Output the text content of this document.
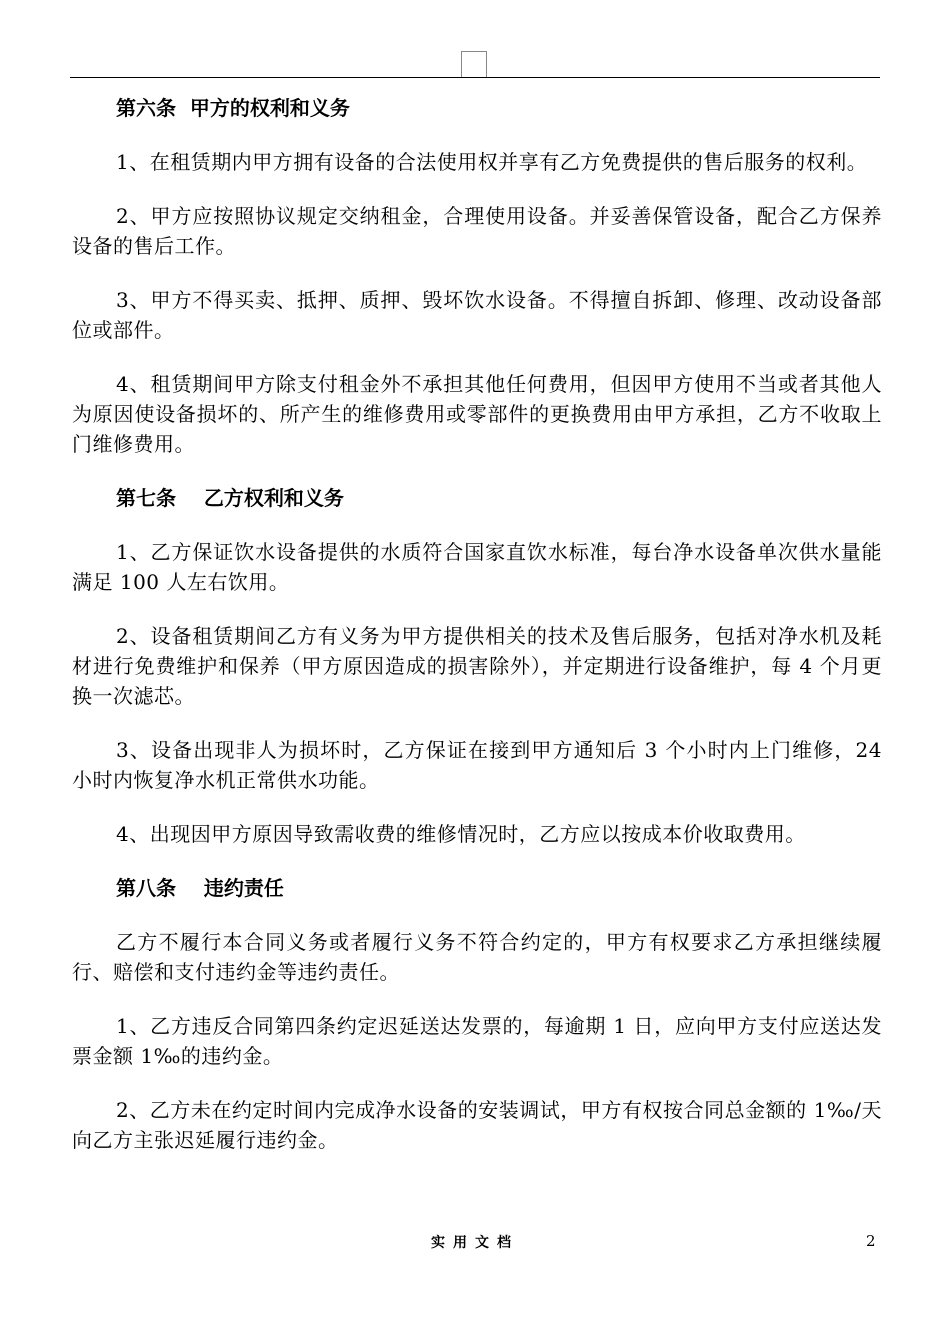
第六条  甲方的权利和义务

1、在租赁期内甲方拥有设备的合法使用权并享有乙方免费提供的售后服务的权利。

2、甲方应按照协议规定交纳租金，合理使用设备。并妥善保管设备，配合乙方保养设备的售后工作。

3、甲方不得买卖、抵押、质押、毁坏饮水设备。不得擅自拆卸、修理、改动设备部位或部件。

4、租赁期间甲方除支付租金外不承担其他任何费用，但因甲方使用不当或者其他人为原因使设备损坏的、所产生的维修费用或零部件的更换费用由甲方承担，乙方不收取上门维修费用。

第七条    乙方权利和义务

1、乙方保证饮水设备提供的水质符合国家直饮水标准，每台净水设备单次供水量能满足 100 人左右饮用。

2、设备租赁期间乙方有义务为甲方提供相关的技术及售后服务，包括对净水机及耗材进行免费维护和保养（甲方原因造成的损害除外），并定期进行设备维护，每 4 个月更换一次滤芯。

3、设备出现非人为损坏时，乙方保证在接到甲方通知后 3 个小时内上门维修，24 小时内恢复净水机正常供水功能。

4、出现因甲方原因导致需收费的维修情况时，乙方应以按成本价收取费用。

第八条    违约责任

乙方不履行本合同义务或者履行义务不符合约定的，甲方有权要求乙方承担继续履行、赔偿和支付违约金等违约责任。

1、乙方违反合同第四条约定迟延送达发票的，每逾期 1 日，应向甲方支付应送达发票金额 1‰的违约金。

2、乙方未在约定时间内完成净水设备的安装调试，甲方有权按合同总金额的 1‰/天向乙方主张迟延履行违约金。

实用文档	2
